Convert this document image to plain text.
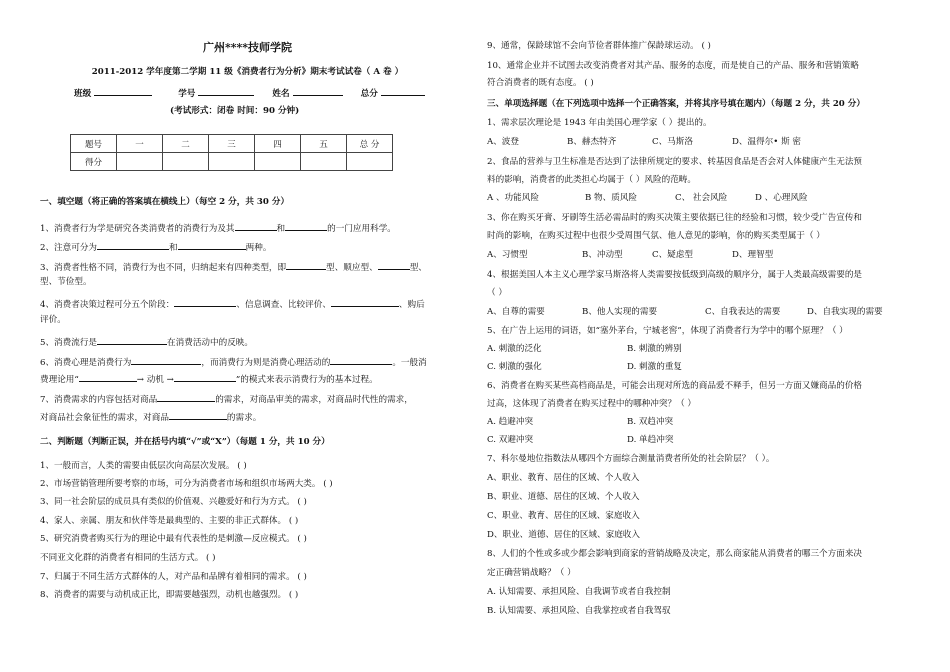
广州****技师学院
2011-2012 学年度第二学期 11 级《消费者行为分析》期末考试试卷（ A 卷 ）
班级	学号	姓名	总分
(考试形式：闭卷 时间：90 分钟)
题号	一	二	三	四	五	总 分
得分						
一、填空题（将正确的答案填在横线上）（每空 2 分，共 30 分）
1、消费者行为学是研究各类消费者的消费行为及其	和	的一门应用科学。
2、注意可分为	和	两种。
3、消费者性格不同，消费行为也不同，归纳起来有四种类型，即	型、顺应型、	型、
型、节俭型。
4、消费者决策过程可分五个阶段：	、信息调查、比较评价、	、购后
评价。
5、消费流行是	在消费活动中的反映。
6、消费心理是消费行为	，而消费行为则是消费心理活动的	。一般消
费理论用“	→ 动机 →	”的模式来表示消费行为的基本过程。
7、消费需求的内容包括对商品	的需求，对商品审美的需求，对商品时代性的需求，
对商品社会象征性的需求，对商品	的需求。
二、判断题（判断正误，并在括号内填“√”或“X”）（每题 1 分，共 10 分）
1、一般而言，人类的需要由低层次向高层次发展。 ( )
2、市场营销管理所要考察的市场，可分为消费者市场和组织市场两大类。 ( )
3、同一社会阶层的成员具有类似的价值观、兴趣爱好和行为方式。 ( )
4、家人、亲属、朋友和伙伴等是最典型的、主要的非正式群体。 ( )
5、研究消费者购买行为的理论中最有代表性的是刺激—反应模式。 ( )
不同亚文化群的消费者有相同的生活方式。 ( )
7、归属于不同生活方式群体的人，对产品和品牌有着相同的需求。 ( )
8、消费者的需要与动机成正比，即需要越强烈，动机也越强烈。 ( )
9、通常，保龄球馆不会向节俭者群体推广保龄球运动。 ( )
10、通常企业并不试图去改变消费者对其产品、服务的态度，而是使自己的产品、服务和营销策略
符合消费者的既有态度。 ( )
三、单项选择题（在下列选项中选择一个正确答案，并将其序号填在题内）（每题 2 分，共 20 分）
1、需求层次理论是 1943 年由美国心理学家（ ）提出的。
A、波登	B、赫杰特齐	C、马斯洛	D、温得尔• 斯 密
2、食品的营养与卫生标准是否达到了法律所规定的要求、转基因食品是否会对人体健康产生无法预
料的影响，消费者的此类担心均属于（ ）风险的范畴。
A 、功能风险	B 物、质风险	C、 社会风险	D 、心理风险
3、你在购买牙膏、牙刷等生活必需品时的购买决策主要依据已往的经验和习惯，较少受广告宣传和
时尚的影响，在购买过程中也很少受周围气氛、他人意见的影响，你的购买类型属于（ ）
A、习惯型	B、冲动型	C、疑虑型	D、理智型
4、根据美国人本主义心理学家马斯洛将人类需要按低级到高级的顺序分，属于人类最高级需要的是
（ ）
A、自尊的需要	B、他人实现的需要	C、自我表达的需要	D、自我实现的需要
5、在广告上运用的词语，如“塞外茅台，宁城老窖”，体现了消费者行为学中的哪个原理？（ ）
A. 刺激的泛化	B. 刺激的辨别
C. 刺激的强化	D. 刺激的重复
6、消费者在购买某些高档商品是，可能会出现对所选的商品爱不释手，但另一方面又嫌商品的价格
过高，这体现了消费者在购买过程中的哪种冲突？（ ）
A. 趋避冲突	B. 双趋冲突
C. 双避冲突	D. 单趋冲突
7、科尔曼地位指数法从哪四个方面综合测量消费者所处的社会阶层？（ ）。
A、职业、教育、居住的区域、个人收入
B、职业、道德、居住的区域、个人收入
C、职业、教育、居住的区域、家庭收入
D、职业、道德、居住的区域、家庭收入
8、人们的个性或多或少都会影响到商家的营销战略及决定，那么商家能从消费者的哪三个方面来决
定正确营销战略？（ ）
A. 认知需要、承担风险、自我调节或者自我控制
B. 认知需要、承担风险、自我掌控或者自我驾驭
